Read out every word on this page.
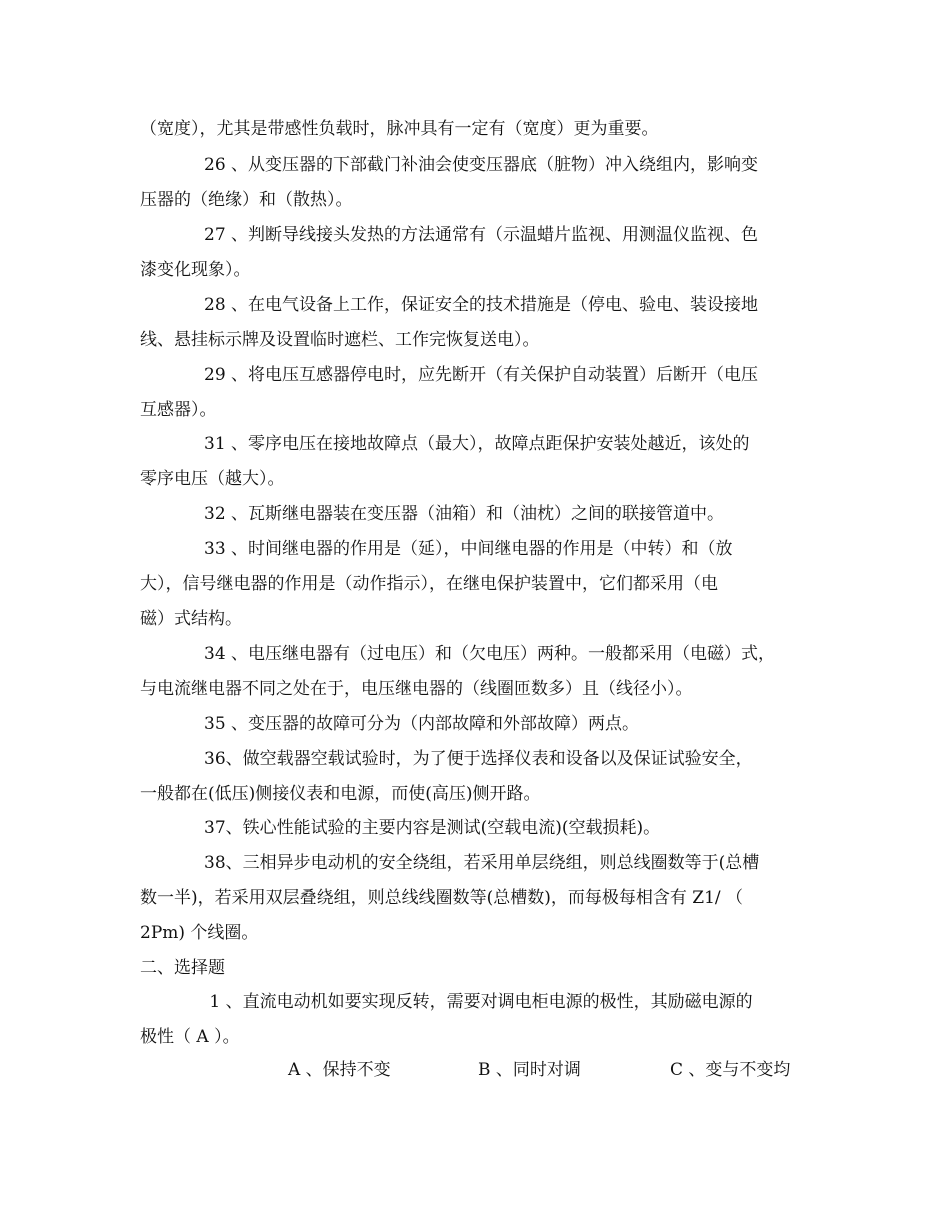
（宽度），尤其是带感性负载时，脉冲具有一定有（宽度）更为重要。
26 、从变压器的下部截门补油会使变压器底（脏物）冲入绕组内，影响变
压器的（绝缘）和（散热）。
27 、判断导线接头发热的方法通常有（示温蜡片监视、用测温仪监视、色
漆变化现象）。
28 、在电气设备上工作，保证安全的技术措施是（停电、验电、装设接地
线、悬挂标示牌及设置临时遮栏、工作完恢复送电）。
29 、将电压互感器停电时，应先断开（有关保护自动装置）后断开（电压
互感器）。
31 、零序电压在接地故障点（最大），故障点距保护安装处越近，该处的
零序电压（越大）。
32 、瓦斯继电器装在变压器（油箱）和（油枕）之间的联接管道中。
33 、时间继电器的作用是（延），中间继电器的作用是（中转）和（放
大），信号继电器的作用是（动作指示），在继电保护装置中，它们都采用（电
磁）式结构。
34 、电压继电器有（过电压）和（欠电压）两种。一般都采用（电磁）式，
与电流继电器不同之处在于，电压继电器的（线圈匝数多）且（线径小）。
35 、变压器的故障可分为（内部故障和外部故障）两点。
36、做空载器空载试验时，为了便于选择仪表和设备以及保证试验安全，
一般都在(低压)侧接仪表和电源，而使(高压)侧开路。
37、铁心性能试验的主要内容是测试(空载电流)(空载损耗)。
38、三相异步电动机的安全绕组，若采用单层绕组，则总线圈数等于(总槽
数一半)，若采用双层叠绕组，则总线线圈数等(总槽数)，而每极每相含有 Z1/ （
2Pm) 个线圈。
二、选择题
1 、直流电动机如要实现反转，需要对调电柜电源的极性，其励磁电源的
极性（ A ）。
A 、保持不变	B 、同时对调	C 、变与不变均
